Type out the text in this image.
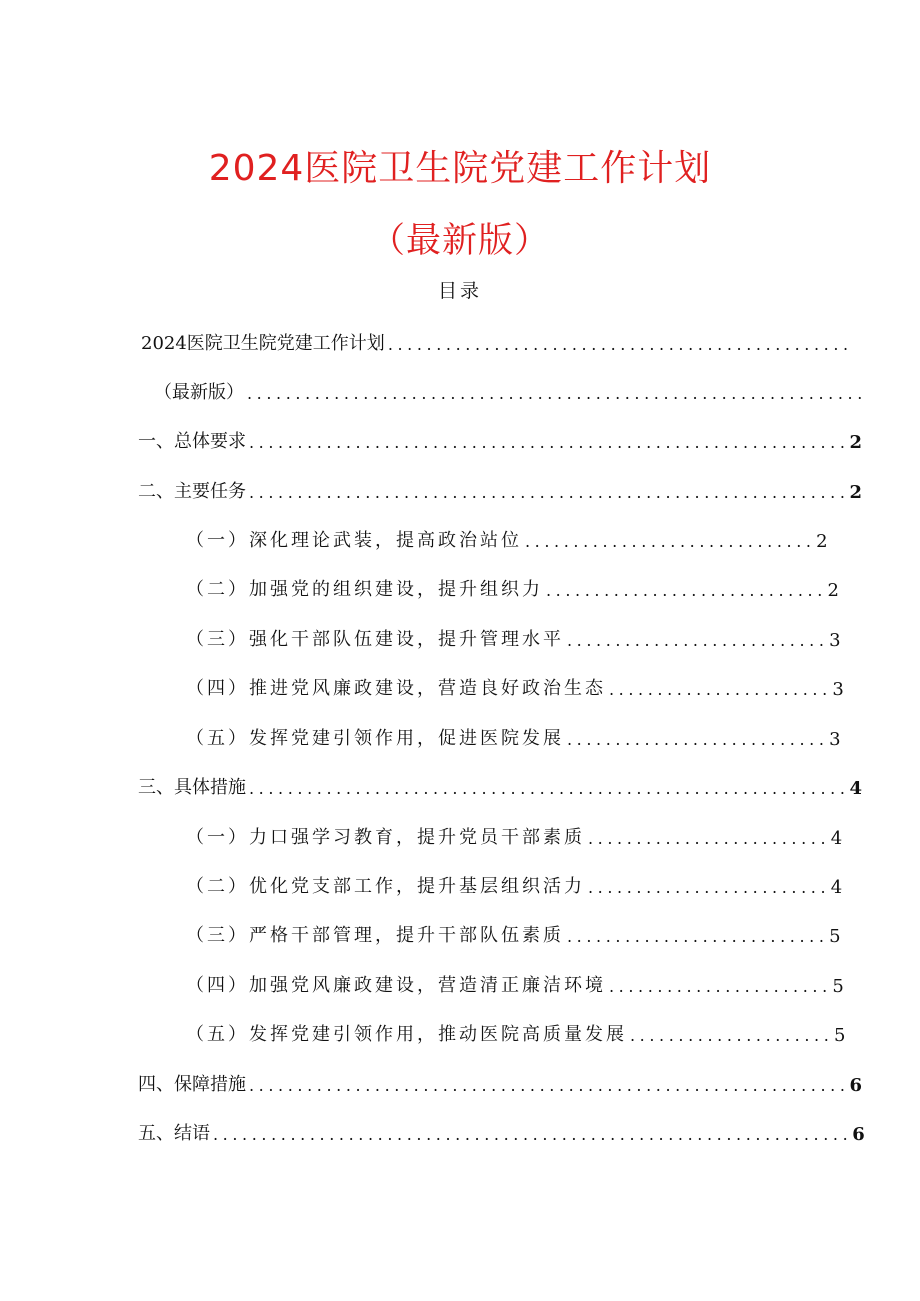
2024医院卫生院党建工作计划
（最新版）
目录
2024医院卫生院党建工作计划 ................................................
（最新版） ................................................................
一、总体要求 .............................................................. 2
二、主要任务 .............................................................. 2
（一）深化理论武装，提高政治站位 .............................. 2
（二）加强党的组织建设，提升组织力 ............................. 2
（三）强化干部队伍建设，提升管理水平 ........................... 3
（四）推进党风廉政建设，营造良好政治生态 ....................... 3
（五）发挥党建引领作用，促进医院发展 ........................... 3
三、具体措施 .............................................................. 4
（一）力口强学习教育，提升党员干部素质 ......................... 4
（二）优化党支部工作，提升基层组织活力 ......................... 4
（三）严格干部管理，提升干部队伍素质 ........................... 5
（四）加强党风廉政建设，营造清正廉洁环境 ....................... 5
（五）发挥党建引领作用，推动医院高质量发展 ..................... 5
四、保障措施 .............................................................. 6
五、结语 .................................................................. 6
